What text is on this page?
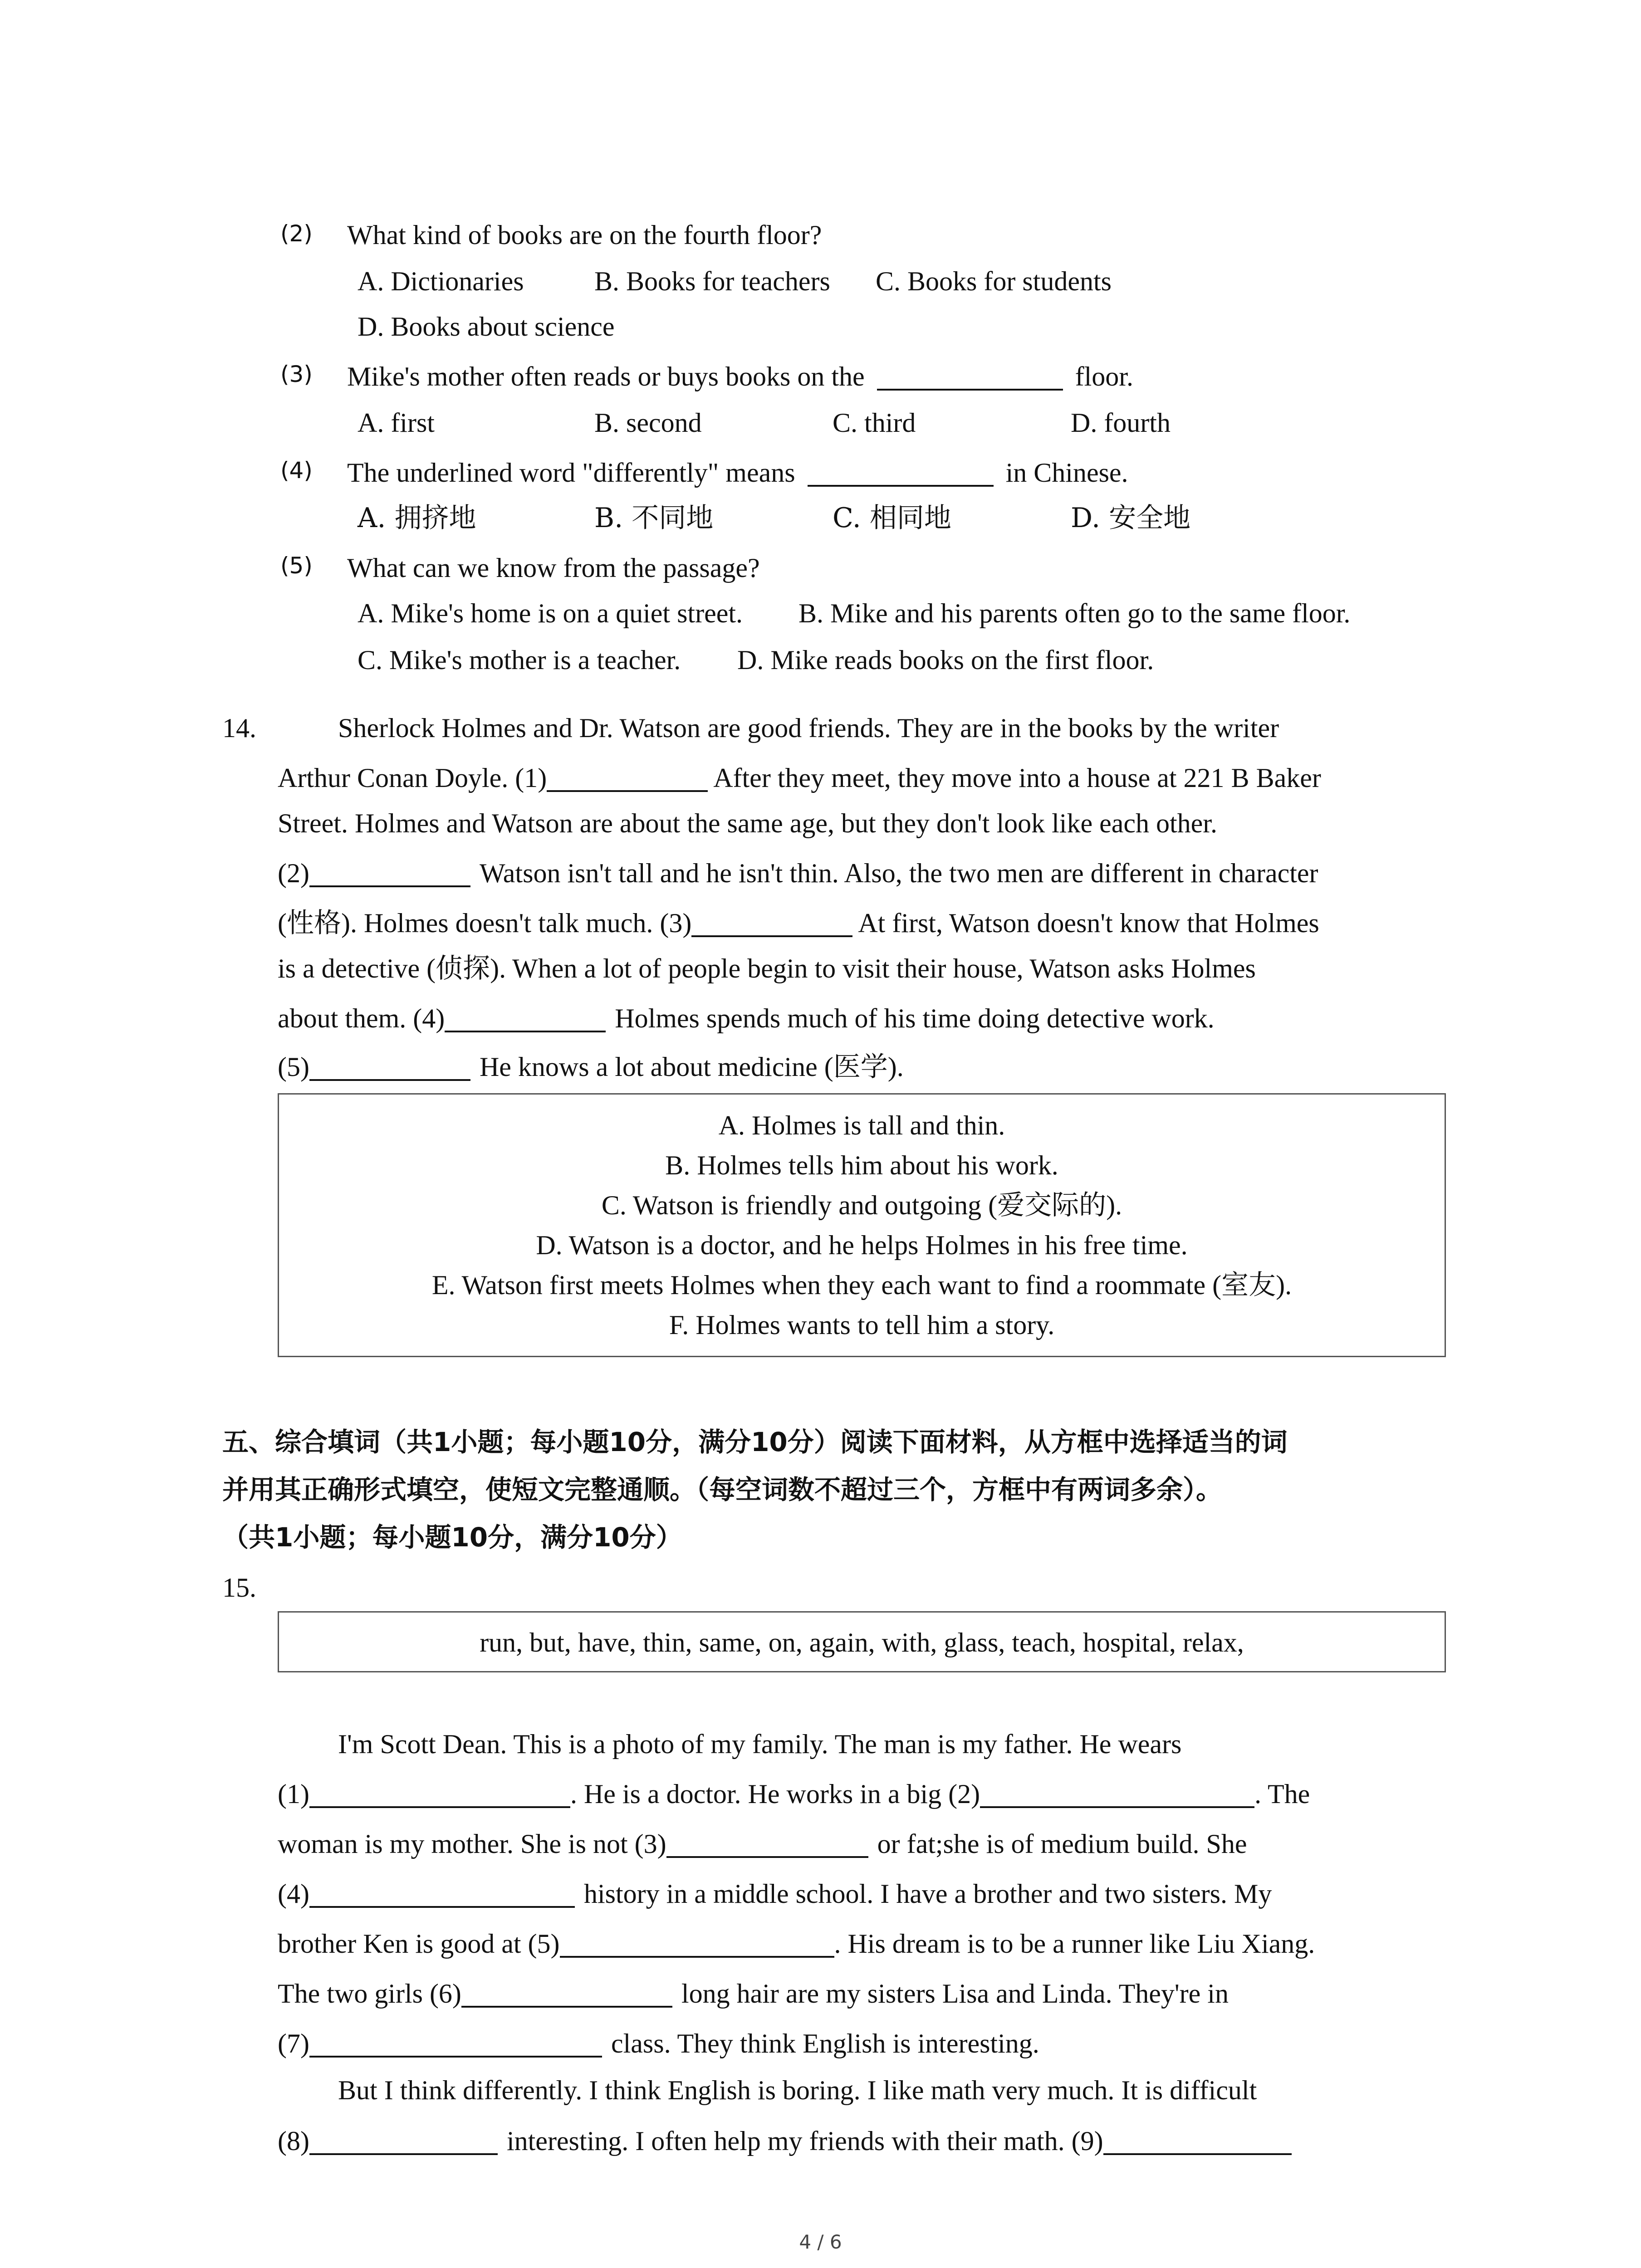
(2) What kind of books are on the fourth floor?
A. Dictionaries	B. Books for teachers C. Books for students
D. Books about science
(3) Mike's mother often reads or buys books on the	floor.
A. first	B. second	C. third	D. fourth
(4) The underlined word "differently" means	in Chinese.
A. 拥挤地	B. 不同地	C. 相同地	D. 安全地
(5) What can we know from the passage?
A. Mike's home is on a quiet street. B. Mike and his parents often go to the same floor.
C. Mike's mother is a teacher. D. Mike reads books on the first floor.
14.	Sherlock Holmes and Dr. Watson are good friends. They are in the books by the writer
Arthur Conan Doyle. (1)	After they meet, they move into a house at 221 B Baker
Street. Holmes and Watson are about the same age, but they don't look like each other.
(2)	Watson isn't tall and he isn't thin. Also, the two men are different in character
(性格). Holmes doesn't talk much. (3)	At first, Watson doesn't know that Holmes
is a detective (侦探). When a lot of people begin to visit their house, Watson asks Holmes
about them. (4)	Holmes spends much of his time doing detective work.
(5)	He knows a lot about medicine (医学).
A. Holmes is tall and thin.
B. Holmes tells him about his work.
C. Watson is friendly and outgoing (爱交际的).
D. Watson is a doctor, and he helps Holmes in his free time.
E. Watson first meets Holmes when they each want to find a roommate (室友).
F. Holmes wants to tell him a story.
五、综合填词（共1小题；每小题10分，满分10分）阅读下面材料，从方框中选择适当的词
并用其正确形式填空，使短文完整通顺。（每空词数不超过三个，方框中有两词多余）。
（共1小题；每小题10分，满分10分）
15.
run, but, have, thin, same, on, again, with, glass, teach, hospital, relax,
I'm Scott Dean. This is a photo of my family. The man is my father. He wears
(1)	. He is a doctor. He works in a big (2)	. The
woman is my mother. She is not (3)	or fat;she is of medium build. She
(4)	history in a middle school. I have a brother and two sisters. My
brother Ken is good at (5)	. His dream is to be a runner like Liu Xiang.
The two girls (6)	long hair are my sisters Lisa and Linda. They're in
(7)	class. They think English is interesting.
But I think differently. I think English is boring. I like math very much. It is difficult
(8)	interesting. I often help my friends with their math. (9)
4 / 6
